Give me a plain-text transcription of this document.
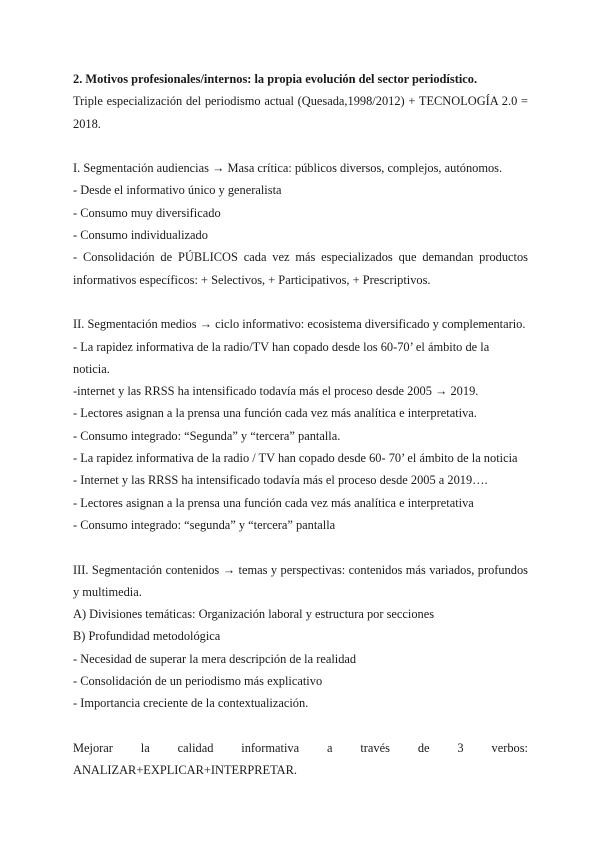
2. Motivos profesionales/internos: la propia evolución del sector periodístico.

Triple especialización del periodismo actual (Quesada,1998/2012) + TECNOLOGÍA 2.0 = 2018.

I. Segmentación audiencias → Masa crítica: públicos diversos, complejos, autónomos.

- Desde el informativo único y generalista

- Consumo muy diversificado

- Consumo individualizado

- Consolidación de PÚBLICOS cada vez más especializados que demandan productos informativos específicos: + Selectivos, + Participativos, + Prescriptivos.

II. Segmentación medios → ciclo informativo: ecosistema diversificado y complementario.

- La rapidez informativa de la radio/TV han copado desde los 60-70’ el ámbito de la noticia.

-internet y las RRSS ha intensificado todavía más el proceso desde 2005 → 2019.

- Lectores asignan a la prensa una función cada vez más analítica e interpretativa.

- Consumo integrado: “Segunda” y “tercera” pantalla.

- La rapidez informativa de la radio / TV han copado desde 60- 70’ el ámbito de la noticia

- Internet y las RRSS ha intensificado todavía más el proceso desde 2005 a 2019….

- Lectores asignan a la prensa una función cada vez más analítica e interpretativa

- Consumo integrado: “segunda” y “tercera” pantalla

III. Segmentación contenidos → temas y perspectivas: contenidos más variados, profundos y multimedia.

A) Divisiones temáticas: Organización laboral y estructura por secciones

B) Profundidad metodológica

- Necesidad de superar la mera descripción de la realidad

- Consolidación de un periodismo más explicativo

- Importancia creciente de la contextualización.

Mejorar la calidad informativa a través de 3 verbos:

ANALIZAR+EXPLICAR+INTERPRETAR.
